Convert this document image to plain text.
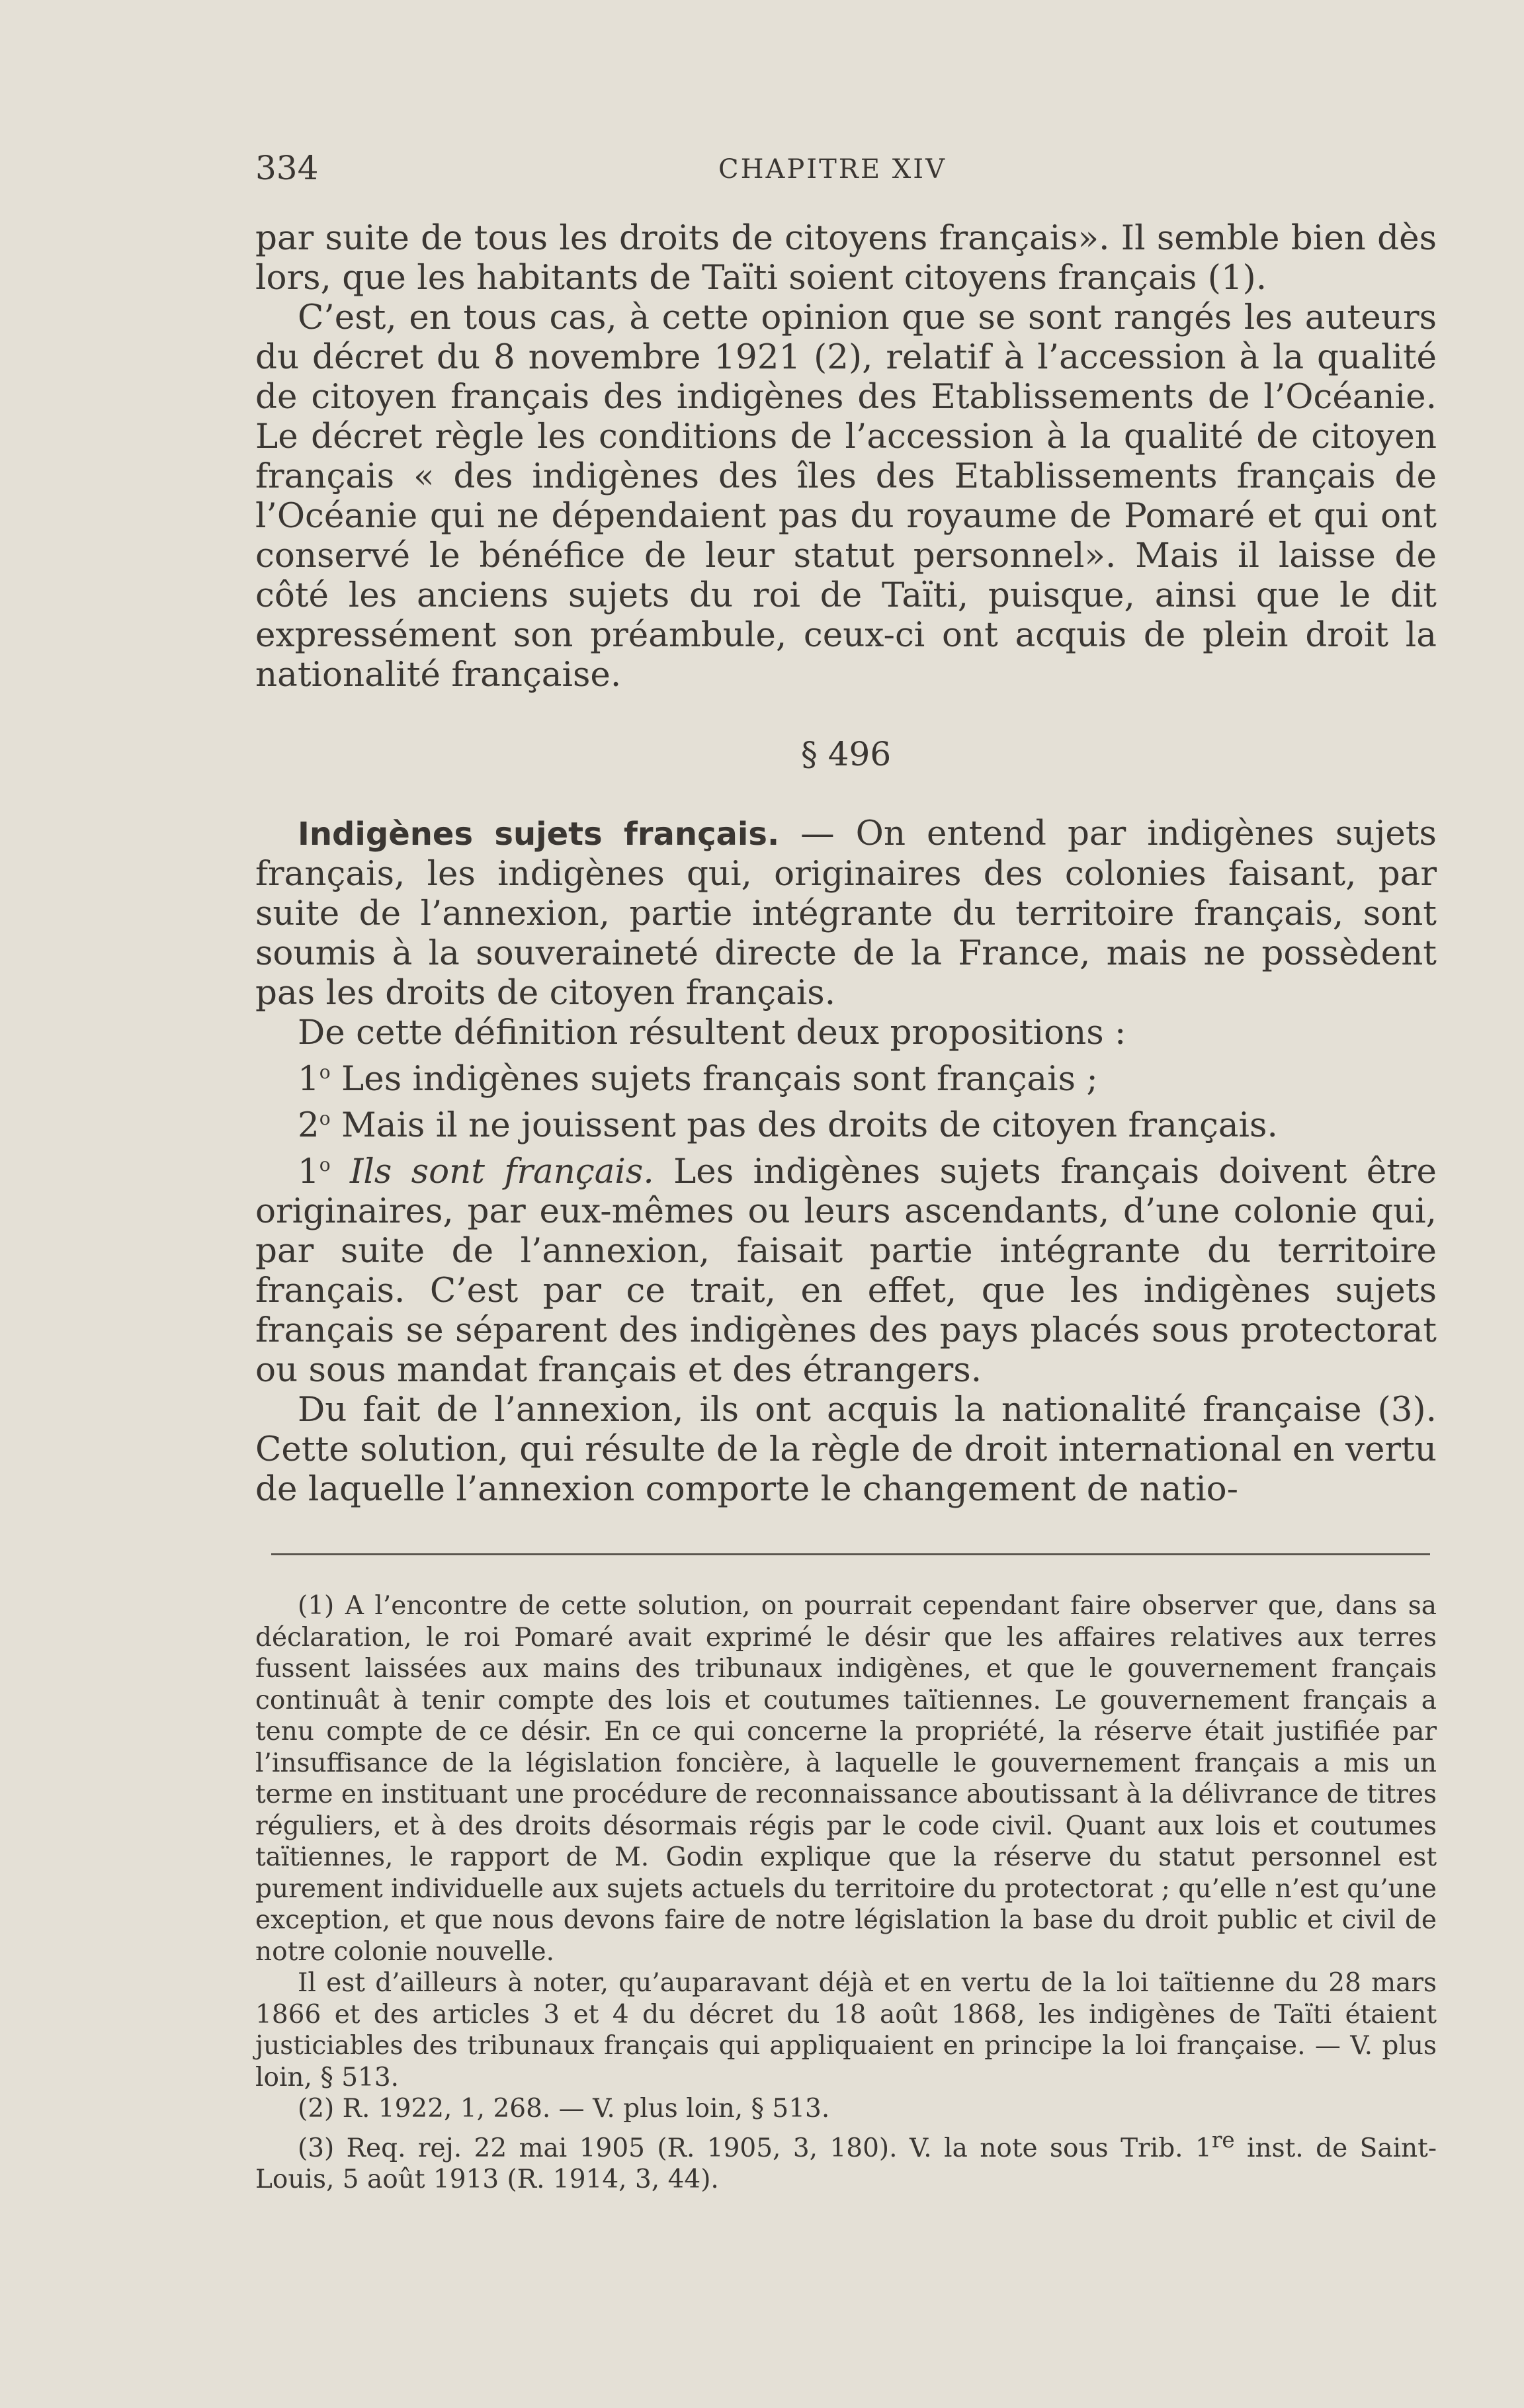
334	CHAPITRE XIV

par suite de tous les droits de citoyens français». Il semble bien dès lors, que les habitants de Taïti soient citoyens français (1).

C’est, en tous cas, à cette opinion que se sont rangés les auteurs du décret du 8 novembre 1921 (2), relatif à l’accession à la qualité de citoyen français des indigènes des Etablissements de l’Océanie. Le décret règle les conditions de l’accession à la qualité de citoyen français « des indigènes des îles des Etablissements français de l’Océanie qui ne dépendaient pas du royaume de Pomaré et qui ont conservé le bénéfice de leur statut personnel». Mais il laisse de côté les anciens sujets du roi de Taïti, puisque, ainsi que le dit expressément son préambule, ceux-ci ont acquis de plein droit la nationalité française.

§ 496

Indigènes sujets français. — On entend par indigènes sujets français, les indigènes qui, originaires des colonies faisant, par suite de l’annexion, partie intégrante du territoire français, sont soumis à la souveraineté directe de la France, mais ne possèdent pas les droits de citoyen français.

De cette définition résultent deux propositions :

1$^o$ Les indigènes sujets français sont français ;

2$^o$ Mais il ne jouissent pas des droits de citoyen français.

1$^o$ Ils sont français. Les indigènes sujets français doivent être originaires, par eux-mêmes ou leurs ascendants, d’une colonie qui, par suite de l’annexion, faisait partie intégrante du territoire français. C’est par ce trait, en effet, que les indigènes sujets français se séparent des indigènes des pays placés sous protectorat ou sous mandat français et des étrangers.

Du fait de l’annexion, ils ont acquis la nationalité française (3). Cette solution, qui résulte de la règle de droit international en vertu de laquelle l’annexion comporte le changement de natio-

(1) A l’encontre de cette solution, on pourrait cependant faire observer que, dans sa déclaration, le roi Pomaré avait exprimé le désir que les affaires relatives aux terres fussent laissées aux mains des tribunaux indigènes, et que le gouvernement français continuât à tenir compte des lois et coutumes taïtiennes. Le gouvernement français a tenu compte de ce désir. En ce qui concerne la propriété, la réserve était justifiée par l’insuffisance de la législation foncière, à laquelle le gouvernement français a mis un terme en instituant une procédure de reconnaissance aboutissant à la délivrance de titres réguliers, et à des droits désormais régis par le code civil. Quant aux lois et coutumes taïtiennes, le rapport de M. Godin explique que la réserve du statut personnel est purement individuelle aux sujets actuels du territoire du protectorat ; qu’elle n’est qu’une exception, et que nous devons faire de notre législation la base du droit public et civil de notre colonie nouvelle.

Il est d’ailleurs à noter, qu’auparavant déjà et en vertu de la loi taïtienne du 28 mars 1866 et des articles 3 et 4 du décret du 18 août 1868, les indigènes de Taïti étaient justiciables des tribunaux français qui appliquaient en principe la loi française. — V. plus loin, § 513.

(2) R. 1922, 1, 268. — V. plus loin, § 513.

(3) Req. rej. 22 mai 1905 (R. 1905, 3, 180). V. la note sous Trib. 1re inst. de Saint-Louis, 5 août 1913 (R. 1914, 3, 44).
